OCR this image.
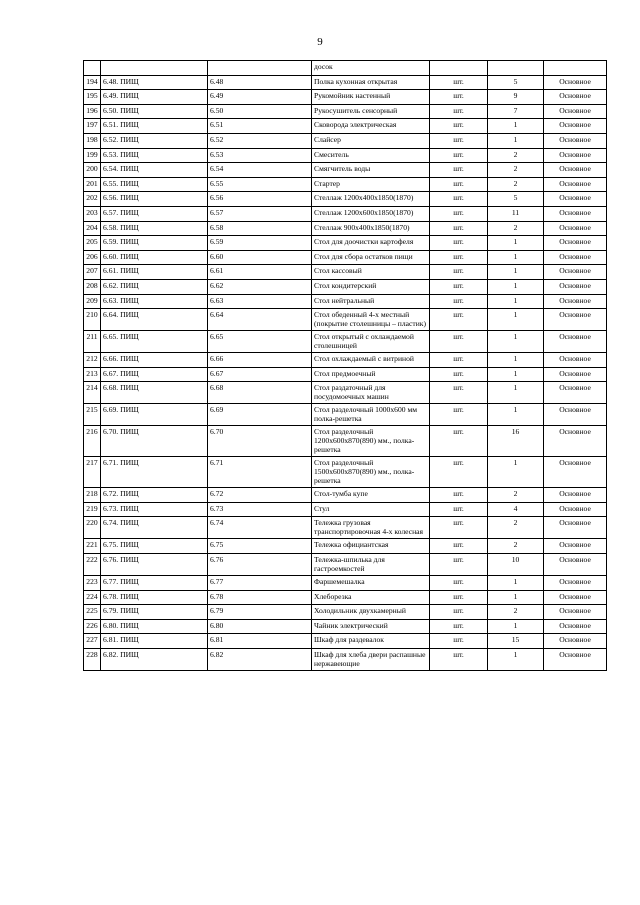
9
			досок			
194	6.48. ПИЩ	6.48	Полка кухонная открытая	шт.	5	Основное
195	6.49. ПИЩ	6.49	Рукомойник настенный	шт.	9	Основное
196	6.50. ПИЩ	6.50	Рукосушитель сенсорный	шт.	7	Основное
197	6.51. ПИЩ	6.51	Сковорода электрическая	шт.	1	Основное
198	6.52. ПИЩ	6.52	Слайсер	шт.	1	Основное
199	6.53. ПИЩ	6.53	Смеситель	шт.	2	Основное
200	6.54. ПИЩ	6.54	Смягчитель воды	шт.	2	Основное
201	6.55. ПИЩ	6.55	Стартер	шт.	2	Основное
202	6.56. ПИЩ	6.56	Стеллаж 1200х400х1850(1870)	шт.	5	Основное
203	6.57. ПИЩ	6.57	Стеллаж 1200х600х1850(1870)	шт.	11	Основное
204	6.58. ПИЩ	6.58	Стеллаж 900х400х1850(1870)	шт.	2	Основное
205	6.59. ПИЩ	6.59	Стол для доочистки картофеля	шт.	1	Основное
206	6.60. ПИЩ	6.60	Стол для сбора остатков пищи	шт.	1	Основное
207	6.61. ПИЩ	6.61	Стол кассовый	шт.	1	Основное
208	6.62. ПИЩ	6.62	Стол кондитерский	шт.	1	Основное
209	6.63. ПИЩ	6.63	Стол нейтральный	шт.	1	Основное
210	6.64. ПИЩ	6.64	Стол обеденный 4-х местный (покрытие столешницы – пластик)	шт.	1	Основное
211	6.65. ПИЩ	6.65	Стол открытый с охлаждаемой столешницей	шт.	1	Основное
212	6.66. ПИЩ	6.66	Стол охлаждаемый с витриной	шт.	1	Основное
213	6.67. ПИЩ	6.67	Стол предмоечный	шт.	1	Основное
214	6.68. ПИЩ	6.68	Стол раздаточный для посудомоечных машин	шт.	1	Основное
215	6.69. ПИЩ	6.69	Стол разделочный 1000х600 мм полка-решетка	шт.	1	Основное
216	6.70. ПИЩ	6.70	Стол разделочный 1200х600х870(890) мм., полка-решетка	шт.	16	Основное
217	6.71. ПИЩ	6.71	Стол разделочный 1500х600х870(890) мм., полка-решетка	шт.	1	Основное
218	6.72. ПИЩ	6.72	Стол-тумба купе	шт.	2	Основное
219	6.73. ПИЩ	6.73	Стул	шт.	4	Основное
220	6.74. ПИЩ	6.74	Тележка грузовая транспортировочная 4-х колесная	шт.	2	Основное
221	6.75. ПИЩ	6.75	Тележка официантская	шт.	2	Основное
222	6.76. ПИЩ	6.76	Тележка-шпилька для гастроемкостей	шт.	10	Основное
223	6.77. ПИЩ	6.77	Фаршемешалка	шт.	1	Основное
224	6.78. ПИЩ	6.78	Хлеборезка	шт.	1	Основное
225	6.79. ПИЩ	6.79	Холодильник двухкамерный	шт.	2	Основное
226	6.80. ПИЩ	6.80	Чайник электрический	шт.	1	Основное
227	6.81. ПИЩ	6.81	Шкаф для раздевалок	шт.	15	Основное
228	6.82. ПИЩ	6.82	Шкаф для хлеба двери распашные нержавеющие	шт.	1	Основное
